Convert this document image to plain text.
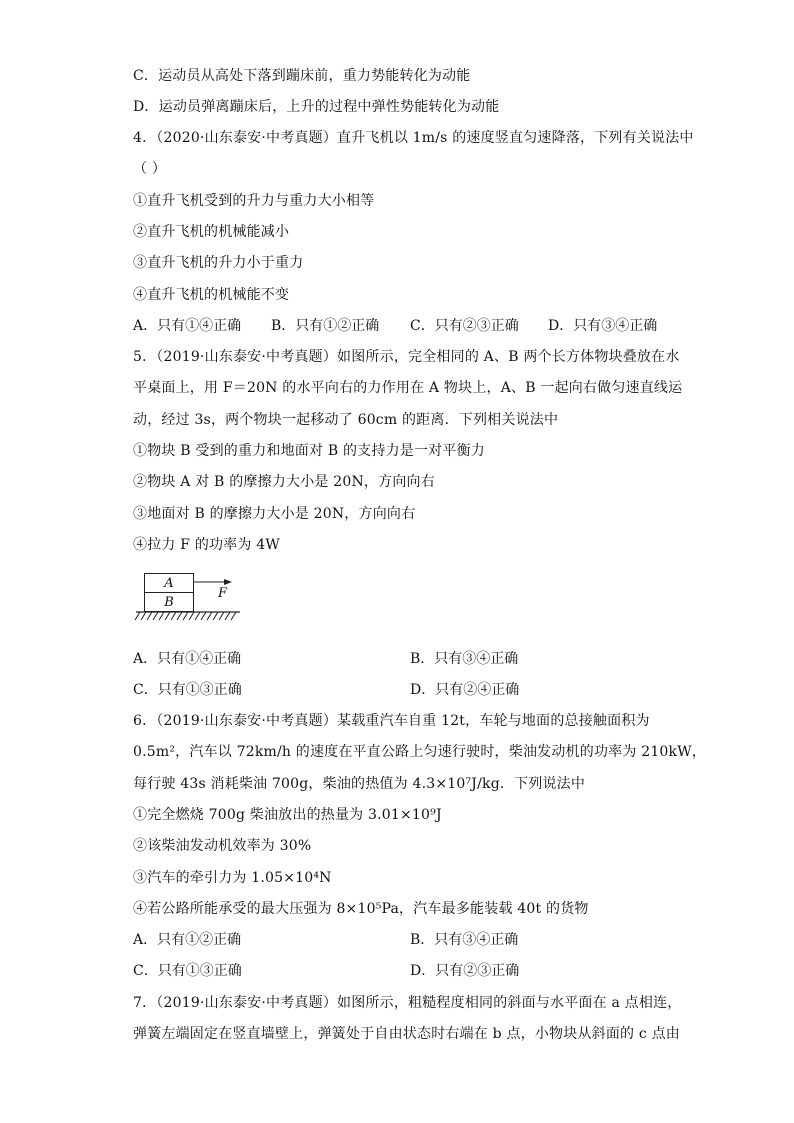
C．运动员从高处下落到蹦床前，重力势能转化为动能
D．运动员弹离蹦床后，上升的过程中弹性势能转化为动能
4．（2020·山东泰安·中考真题）直升飞机以 1m/s 的速度竖直匀速降落，下列有关说法中
（ ）
①直升飞机受到的升力与重力大小相等
②直升飞机的机械能减小
③直升飞机的升力小于重力
④直升飞机的机械能不变
A．只有①④正确 B．只有①②正确 C．只有②③正确 D．只有③④正确
5．（2019·山东泰安·中考真题）如图所示，完全相同的 A、B 两个长方体物块叠放在水
平桌面上，用 F＝20N 的水平向右的力作用在 A 物块上，A、B 一起向右做匀速直线运
动，经过 3s，两个物块一起移动了 60cm 的距离．下列相关说法中
①物块 B 受到的重力和地面对 B 的支持力是一对平衡力
②物块 A 对 B 的摩擦力大小是 20N，方向向右
③地面对 B 的摩擦力大小是 20N，方向向右
④拉力 F 的功率为 4W
A
B
F
A．只有①④正确	B．只有③④正确
C．只有①③正确	D．只有②④正确
6．（2019·山东泰安·中考真题）某载重汽车自重 12t，车轮与地面的总接触面积为
0.5m²，汽车以 72km/h 的速度在平直公路上匀速行驶时，柴油发动机的功率为 210kW，
每行驶 43s 消耗柴油 700g，柴油的热值为 4.3×10⁷J/kg．下列说法中
①完全燃烧 700g 柴油放出的热量为 3.01×10⁹J
②该柴油发动机效率为 30%
③汽车的牵引力为 1.05×10⁴N
④若公路所能承受的最大压强为 8×10⁵Pa，汽车最多能装载 40t 的货物
A．只有①②正确	B．只有③④正确
C．只有①③正确	D．只有②③正确
7．（2019·山东泰安·中考真题）如图所示，粗糙程度相同的斜面与水平面在 a 点相连，
弹簧左端固定在竖直墙壁上，弹簧处于自由状态时右端在 b 点，小物块从斜面的 c 点由
